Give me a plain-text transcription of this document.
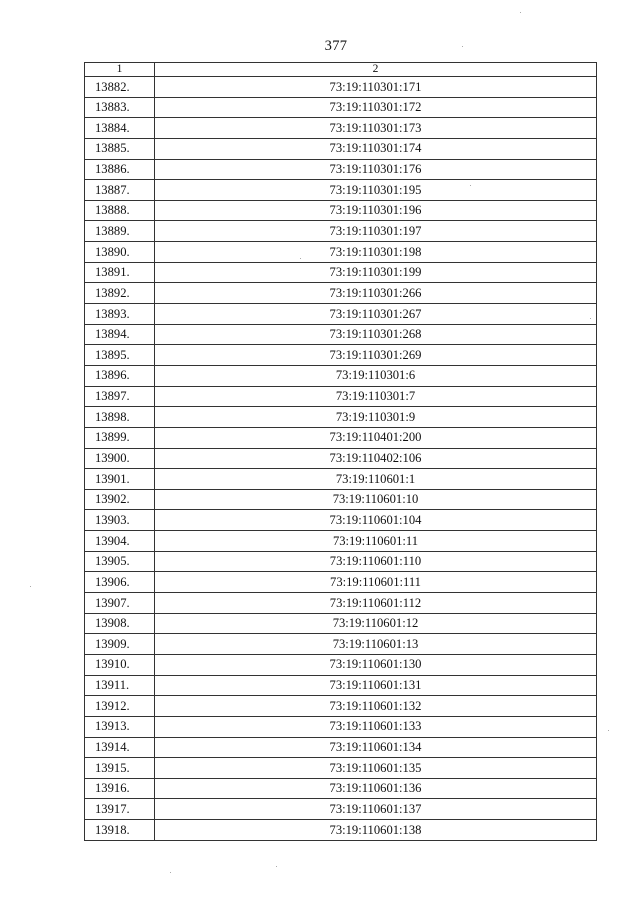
377
1	2
13882.	73:19:110301:171
13883.	73:19:110301:172
13884.	73:19:110301:173
13885.	73:19:110301:174
13886.	73:19:110301:176
13887.	73:19:110301:195
13888.	73:19:110301:196
13889.	73:19:110301:197
13890.	73:19:110301:198
13891.	73:19:110301:199
13892.	73:19:110301:266
13893.	73:19:110301:267
13894.	73:19:110301:268
13895.	73:19:110301:269
13896.	73:19:110301:6
13897.	73:19:110301:7
13898.	73:19:110301:9
13899.	73:19:110401:200
13900.	73:19:110402:106
13901.	73:19:110601:1
13902.	73:19:110601:10
13903.	73:19:110601:104
13904.	73:19:110601:11
13905.	73:19:110601:110
13906.	73:19:110601:111
13907.	73:19:110601:112
13908.	73:19:110601:12
13909.	73:19:110601:13
13910.	73:19:110601:130
13911.	73:19:110601:131
13912.	73:19:110601:132
13913.	73:19:110601:133
13914.	73:19:110601:134
13915.	73:19:110601:135
13916.	73:19:110601:136
13917.	73:19:110601:137
13918.	73:19:110601:138
